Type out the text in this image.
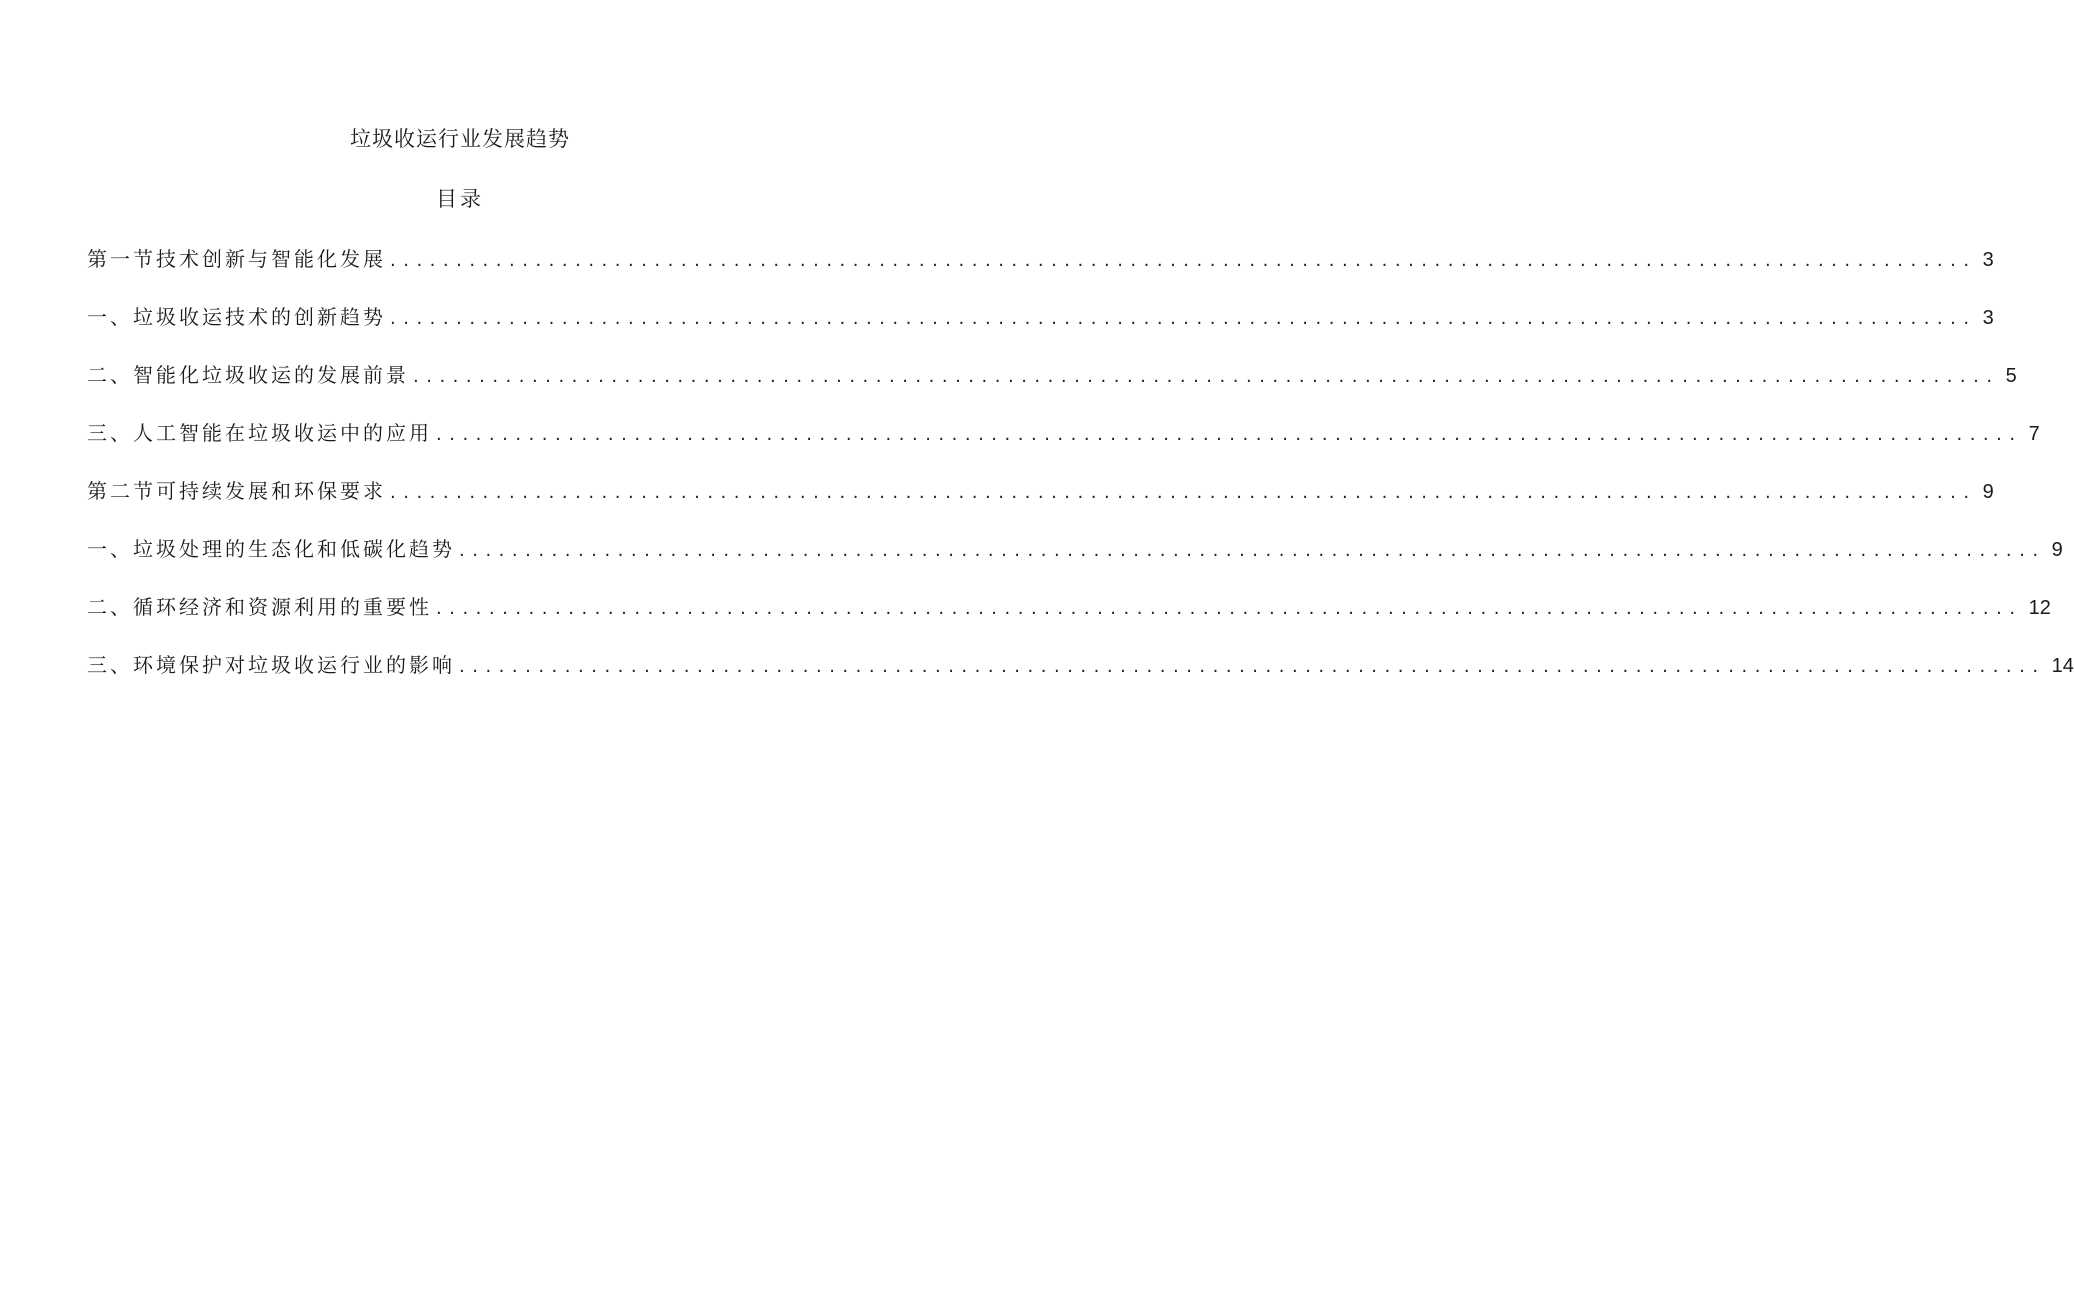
垃圾收运行业发展趋势
目录
第一节技术创新与智能化发展 ........................................................................................................................ 3
一、垃圾收运技术的创新趋势 ........................................................................................................................ 3
二、智能化垃圾收运的发展前景 ........................................................................................................................ 5
三、人工智能在垃圾收运中的应用 ........................................................................................................................ 7
第二节可持续发展和环保要求 ........................................................................................................................ 9
一、垃圾处理的生态化和低碳化趋势 ........................................................................................................................ 9
二、循环经济和资源利用的重要性 ........................................................................................................................ 12
三、环境保护对垃圾收运行业的影响 ........................................................................................................................ 14
